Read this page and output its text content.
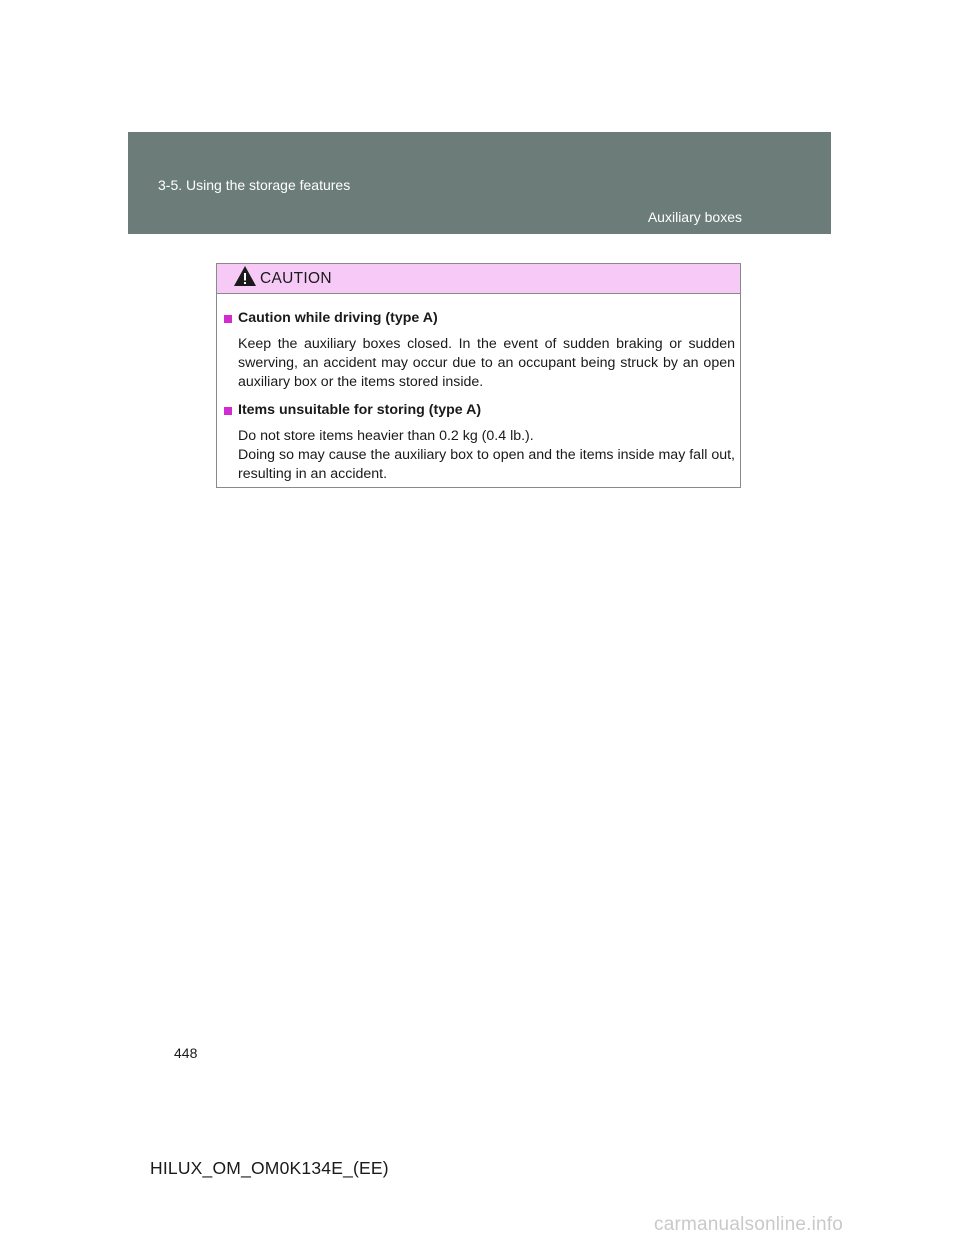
3-5. Using the storage features
Auxiliary boxes
CAUTION
Caution while driving (type A)

Keep the auxiliary boxes closed. In the event of sudden braking or sudden swerving, an accident may occur due to an occupant being struck by an open auxiliary box or the items stored inside.

Items unsuitable for storing (type A)

Do not store items heavier than 0.2 kg (0.4 lb.).

Doing so may cause the auxiliary box to open and the items inside may fall out, resulting in an accident.

448
HILUX_OM_OM0K134E_(EE)
carmanualsonline.info
